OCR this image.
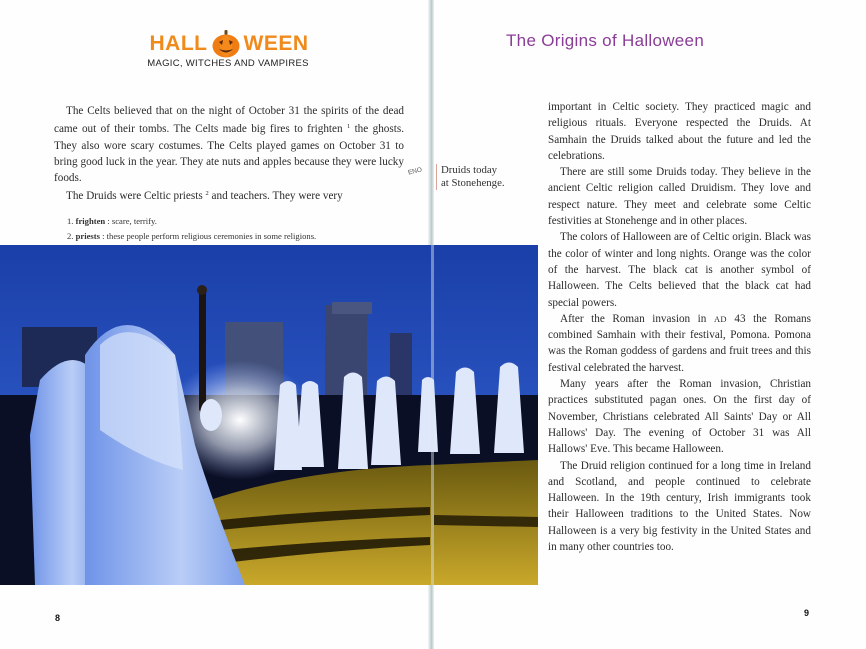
HALL WEEN
MAGIC, WITCHES AND VAMPIRES
The Origins of Halloween

The Celts believed that on the night of October 31 the spirits of the dead came out of their tombs. The Celts made big fires to frighten $^1$ the ghosts. They also wore scary costumes. The Celts played games on October 31 to bring good luck in the year. They ate nuts and apples because they were lucky foods.

The Druids were Celtic priests $^2$ and teachers. They were very

1. frighten : scare, terrify.
2. priests : these people perform religious ceremonies in some religions.
ENO Druids today
at Stonehenge.

important in Celtic society. They practiced magic and religious rituals. Everyone respected the Druids. At Samhain the Druids talked about the future and led the celebrations.

There are still some Druids today. They believe in the ancient Celtic religion called Druidism. They love and respect nature. They meet and celebrate some Celtic festivities at Stonehenge and in other places.

The colors of Halloween are of Celtic origin. Black was the color of winter and long nights. Orange was the color of the harvest. The black cat is another symbol of Halloween. The Celts believed that the black cat had special powers.

After the Roman invasion in AD 43 the Romans combined Samhain with their festival, Pomona. Pomona was the Roman goddess of gardens and fruit trees and this festival celebrated the harvest.

Many years after the Roman invasion, Christian practices substituted pagan ones. On the first day of November, Christians celebrated All Saints' Day or All Hallows' Day. The evening of October 31 was All Hallows' Eve. This became Halloween.

The Druid religion continued for a long time in Ireland and Scotland, and people continued to celebrate Halloween. In the 19th century, Irish immigrants took their Halloween traditions to the United States. Now Halloween is a very big festivity in the United States and in many other countries too.

8	9
